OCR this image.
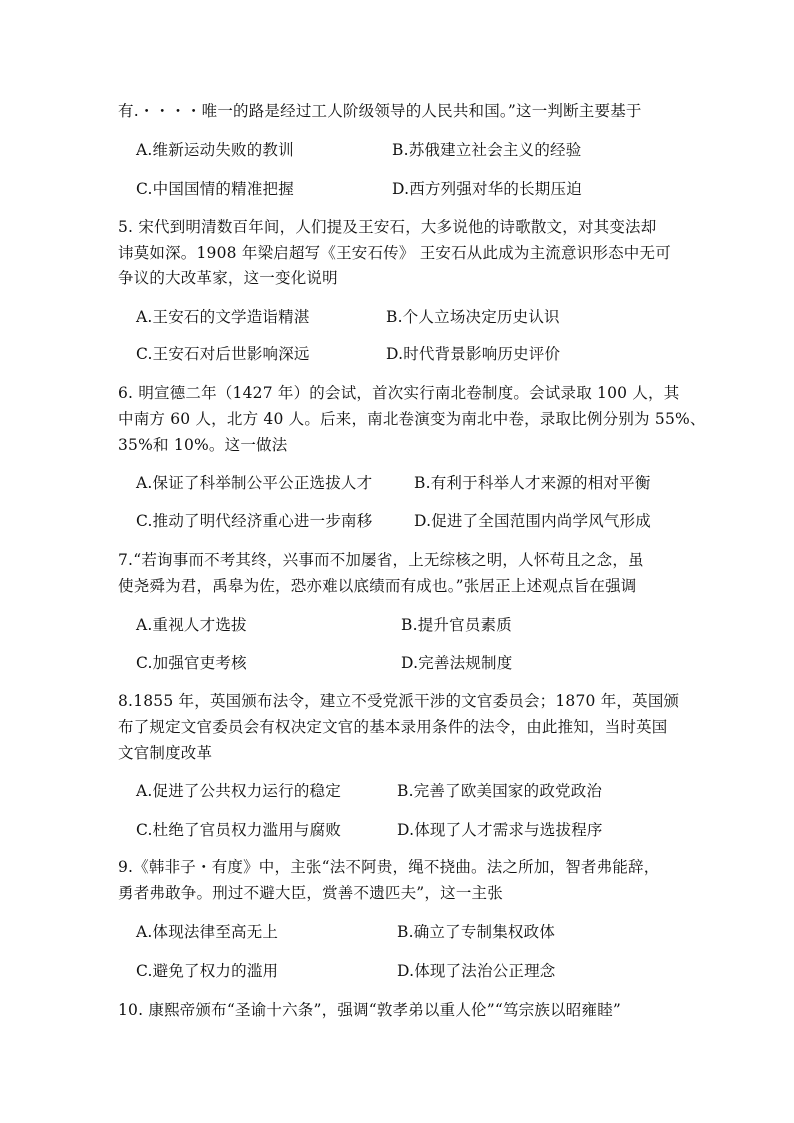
有.・・・・唯一的路是经过工人阶级领导的人民共和国。”这一判断主要基于
A.维新运动失败的教训	B.苏俄建立社会主义的经验
C.中国国情的精准把握	D.西方列强对华的长期压迫
5. 宋代到明清数百年间，人们提及王安石，大多说他的诗歌散文，对其变法却
讳莫如深。1908 年梁启超写《王安石传》 王安石从此成为主流意识形态中无可
争议的大改革家，这一变化说明
A.王安石的文学造诣精湛	B.个人立场决定历史认识
C.王安石对后世影响深远	D.时代背景影响历史评价
6. 明宣德二年（1427 年）的会试，首次实行南北卷制度。会试录取 100 人，其
中南方 60 人，北方 40 人。后来，南北卷演变为南北中卷，录取比例分别为 55%、
35%和 10%。这一做法
A.保证了科举制公平公正选拔人才	B.有利于科举人才来源的相对平衡
C.推动了明代经济重心进一步南移	D.促进了全国范围内尚学风气形成
7.“若询事而不考其终，兴事而不加屡省，上无综核之明，人怀苟且之念，虽
使尧舜为君，禹皋为佐，恐亦难以底绩而有成也。”张居正上述观点旨在强调
A.重视人才选拔	B.提升官员素质
C.加强官吏考核	D.完善法规制度
8.1855 年，英国颁布法令，建立不受党派干涉的文官委员会；1870 年，英国颁
布了规定文官委员会有权决定文官的基本录用条件的法令，由此推知，当时英国
文官制度改革
A.促进了公共权力运行的稳定	B.完善了欧美国家的政党政治
C.杜绝了官员权力滥用与腐败	D.体现了人才需求与选拔程序
9.《韩非子・有度》中，主张“法不阿贵，绳不挠曲。法之所加，智者弗能辞，
勇者弗敢争。刑过不避大臣，赏善不遗匹夫”，这一主张
A.体现法律至高无上	B.确立了专制集权政体
C.避免了权力的滥用	D.体现了法治公正理念
10. 康熙帝颁布“圣谕十六条”，强调“敦孝弟以重人伦”“笃宗族以昭雍睦”
